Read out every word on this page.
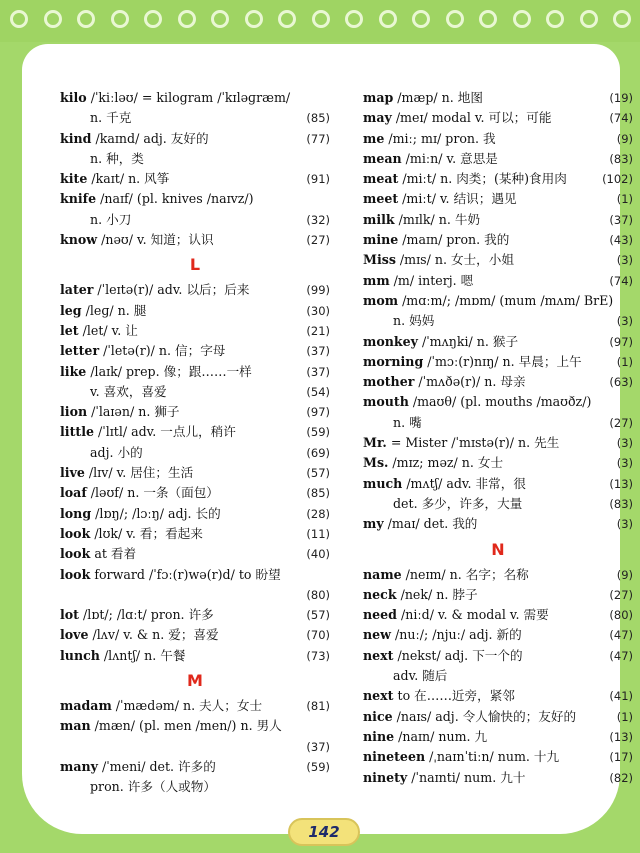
kilo /ˈkiːləʊ/ = kilogram /ˈkɪləɡræm/
n. 千克	(85)
kind /kaɪnd/ adj. 友好的	(77)
n. 种，类
kite /kaɪt/ n. 风筝	(91)
knife /naɪf/ (pl. knives /naɪvz/)
n. 小刀	(32)
know /nəʊ/ v. 知道；认识	(27)
L
later /ˈleɪtə(r)/ adv. 以后；后来	(99)
leg /leɡ/ n. 腿	(30)
let /let/ v. 让	(21)
letter /ˈletə(r)/ n. 信；字母	(37)
like /laɪk/ prep. 像；跟……一样	(37)
v. 喜欢，喜爱	(54)
lion /ˈlaɪən/ n. 狮子	(97)
little /ˈlɪtl/ adv. 一点儿，稍许	(59)
adj. 小的	(69)
live /lɪv/ v. 居住；生活	(57)
loaf /ləʊf/ n. 一条（面包）	(85)
long /lɒŋ/; /lɔːŋ/ adj. 长的	(28)
look /lʊk/ v. 看；看起来	(11)
look at 看着	(40)
look forward /ˈfɔː(r)wə(r)d/ to 盼望
(80)
lot /lɒt/; /lɑːt/ pron. 许多	(57)
love /lʌv/ v. & n. 爱；喜爱	(70)
lunch /lʌntʃ/ n. 午餐	(73)
M
madam /ˈmædəm/ n. 夫人；女士	(81)
man /mæn/ (pl. men /men/) n. 男人
(37)
many /ˈmeni/ det. 许多的	(59)
pron. 许多（人或物）
map /mæp/ n. 地图	(19)
may /meɪ/ modal v. 可以；可能	(74)
me /miː; mɪ/ pron. 我	(9)
mean /miːn/ v. 意思是	(83)
meat /miːt/ n. 肉类；(某种)食用肉	(102)
meet /miːt/ v. 结识；遇见	(1)
milk /mɪlk/ n. 牛奶	(37)
mine /maɪn/ pron. 我的	(43)
Miss /mɪs/ n. 女士，小姐	(3)
mm /m/ interj. 嗯	(74)
mom /mɑːm/; /mɒm/ (mum /mʌm/ BrE)
n. 妈妈	(3)
monkey /ˈmʌŋki/ n. 猴子	(97)
morning /ˈmɔː(r)nɪŋ/ n. 早晨；上午	(1)
mother /ˈmʌðə(r)/ n. 母亲	(63)
mouth /maʊθ/ (pl. mouths /maʊðz/)
n. 嘴	(27)
Mr. = Mister /ˈmɪstə(r)/ n. 先生	(3)
Ms. /mɪz; məz/ n. 女士	(3)
much /mʌtʃ/ adv. 非常，很	(13)
det. 多少，许多，大量	(83)
my /maɪ/ det. 我的	(3)
N
name /neɪm/ n. 名字；名称	(9)
neck /nek/ n. 脖子	(27)
need /niːd/ v. & modal v. 需要	(80)
new /nuː/; /njuː/ adj. 新的	(47)
next /nekst/ adj. 下一个的	(47)
adv. 随后
next to 在……近旁，紧邻	(41)
nice /naɪs/ adj. 令人愉快的；友好的	(1)
nine /naɪn/ num. 九	(13)
nineteen /ˌnaɪnˈtiːn/ num. 十九	(17)
ninety /ˈnaɪnti/ num. 九十	(82)
142
